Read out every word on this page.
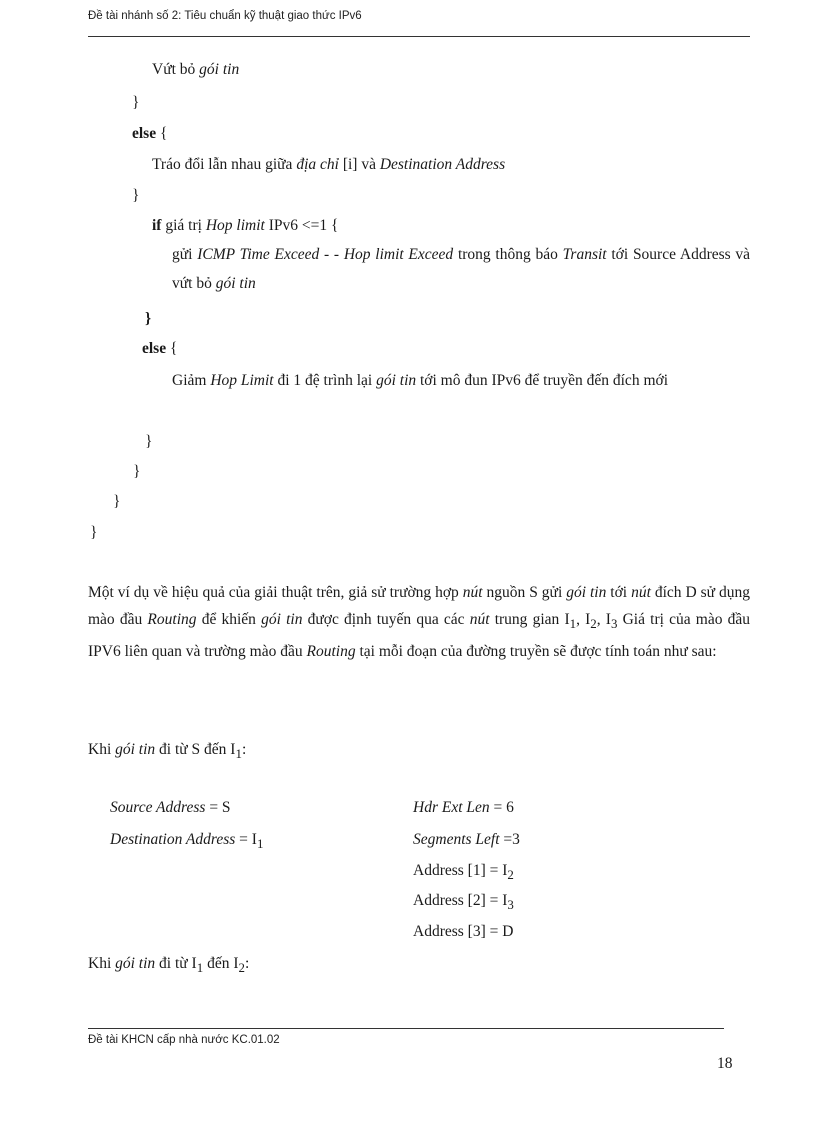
Đề tài nhánh số 2: Tiêu chuẩn kỹ thuật giao thức IPv6
Vứt bỏ gói tin
}
else {
Tráo đổi lẫn nhau giữa địa chỉ [i] và Destination Address
}
if giá trị Hop limit IPv6 <=1 {
gửi ICMP Time Exceed - - Hop limit Exceed trong thông báo Transit tới Source Address và vứt bỏ gói tin
}
else {
Giảm Hop Limit đi 1 đệ trình lại gói tin tới mô đun IPv6 để truyền đến đích mới
}
}
}
}
Một ví dụ về hiệu quả của giải thuật trên, giả sử trường hợp nút nguồn S gửi gói tin tới nút đích D sử dụng mào đầu Routing để khiến gói tin được định tuyến qua các nút trung gian $I_1$, $I_2$, $I_3$ Giá trị của mào đầu IPV6 liên quan và trường mào đầu Routing tại mỗi đoạn của đường truyền sẽ được tính toán như sau:
Khi gói tin đi từ S đến $I_1$:
Source Address = S
Destination Address = $I_1$
Hdr Ext Len = 6
Segments Left =3
Address $[1] = I_2$
Address $[2] = I_3$
Address [3] = D
Khi gói tin đi từ $I_1$ đến $I_2$:
Đề tài KHCN cấp nhà nước KC.01.02
18
